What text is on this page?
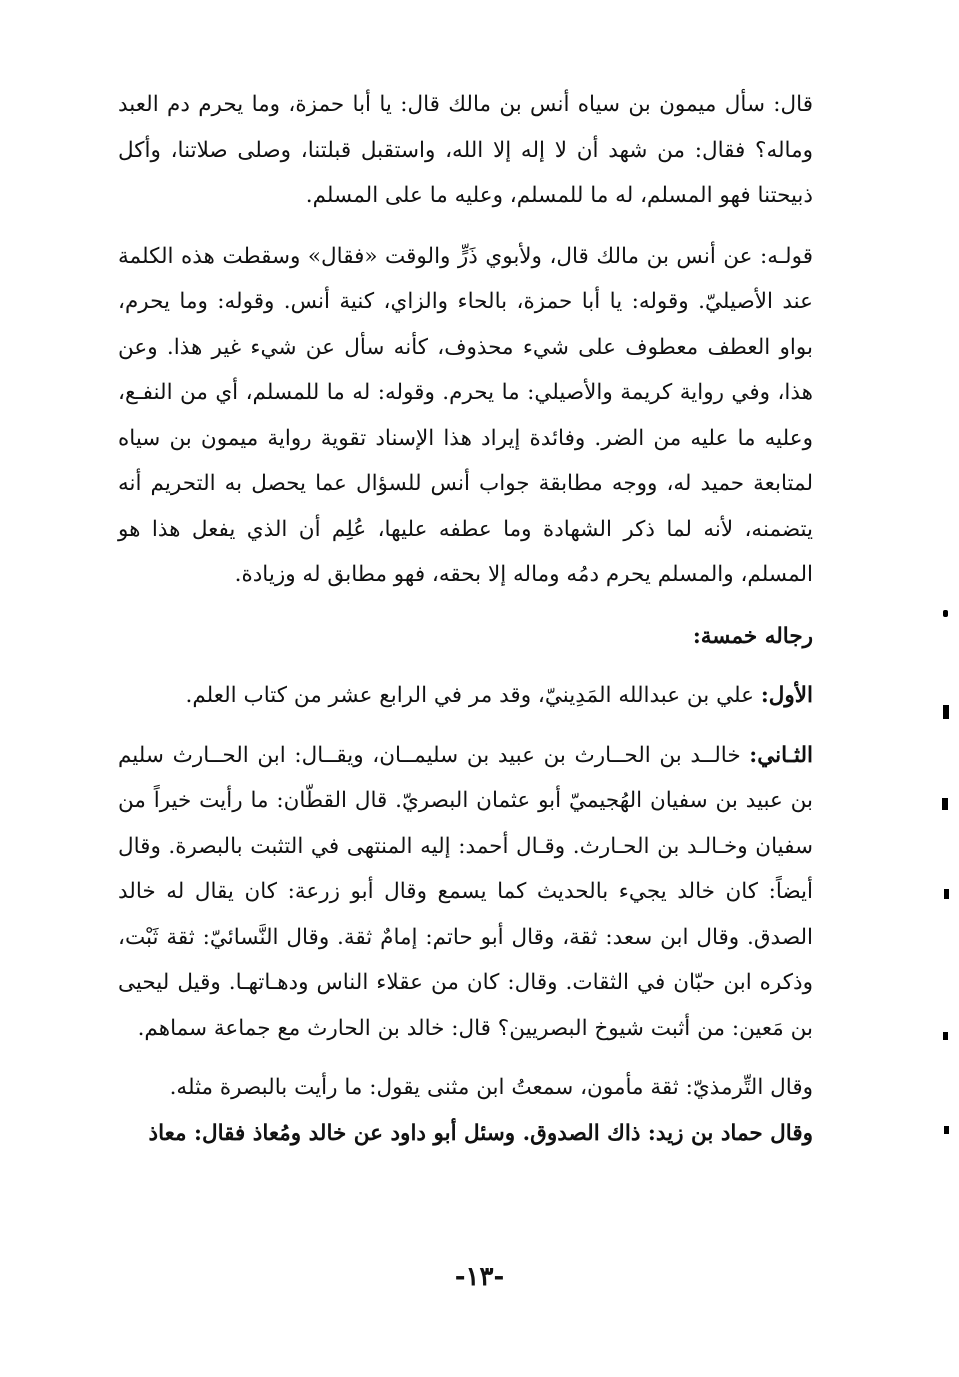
قال: سأل ميمون بن سياه أنس بن مالك قال: يا أبا حمزة، وما يحرم دم العبد وماله؟ فقال: من شهد أن لا إله إلا الله، واستقبل قبلتنا، وصلى صلاتنا، وأكل ذبيحتنا فهو المسلم، له ما للمسلم، وعليه ما على المسلم.

قولـه: عن أنس بن مالك قال، ولأبوي ذَرٍّ والوقت «فقال» وسقطت هذه الكلمة عند الأصيليّ. وقوله: يا أبا حمزة، بالحاء والزاي، كنية أنس. وقوله: وما يحرم، بواو العطف معطوف على شيء محذوف، كأنه سأل عن شيء غير هذا. وعن هذا، وفي رواية كريمة والأصيلي: ما يحرم. وقوله: له ما للمسلم، أي من النفـع، وعليه ما عليه من الضر. وفائدة إيراد هذا الإسناد تقوية رواية ميمون بن سياه لمتابعة حميد له، ووجه مطابقة جواب أنس للسؤال عما يحصل به التحريم أنه يتضمنه، لأنه لما ذكر الشهادة وما عطفه عليها، عُلِم أن الذي يفعل هذا هو المسلم، والمسلم يحرم دمُه وماله إلا بحقه، فهو مطابق له وزيادة.

رجاله خمسة:

الأول: علي بن عبدالله المَدِينيّ، وقد مر في الرابع عشر من كتاب العلم.

الثـاني: خالــد بن الحــارث بن عبيد بن سليمــان، ويقــال: ابن الحــارث سليم بن عبيد بن سفيان الهُجيميّ أبو عثمان البصريّ. قال القطّان: ما رأيت خيراً من سفيان وخـالـد بن الحـارث. وقـال أحمد: إليه المنتهى في التثبت بالبصرة. وقال أيضاً: كان خالد يجيء بالحديث كما يسمع وقال أبو زرعة: كان يقال له خالد الصدق. وقال ابن سعد: ثقة، وقال أبو حاتم: إمامٌ ثقة. وقال النَّسائيّ: ثقة ثَبْت، وذكره ابن حبّان في الثقات. وقال: كان من عقلاء الناس ودهـاتهـا. وقيل ليحيى بن مَعين: من أثبت شيوخ البصريين؟ قال: خالد بن الحارث مع جماعة سماهم.

وقال التِّرمذيّ: ثقة مأمون، سمعتُ ابن مثنى يقول: ما رأيت بالبصرة مثله.

وقال حماد بن زيد: ذاك الصدوق. وسئل أبو داود عن خالد ومُعاذ فقال: معاذ

-١٣-
